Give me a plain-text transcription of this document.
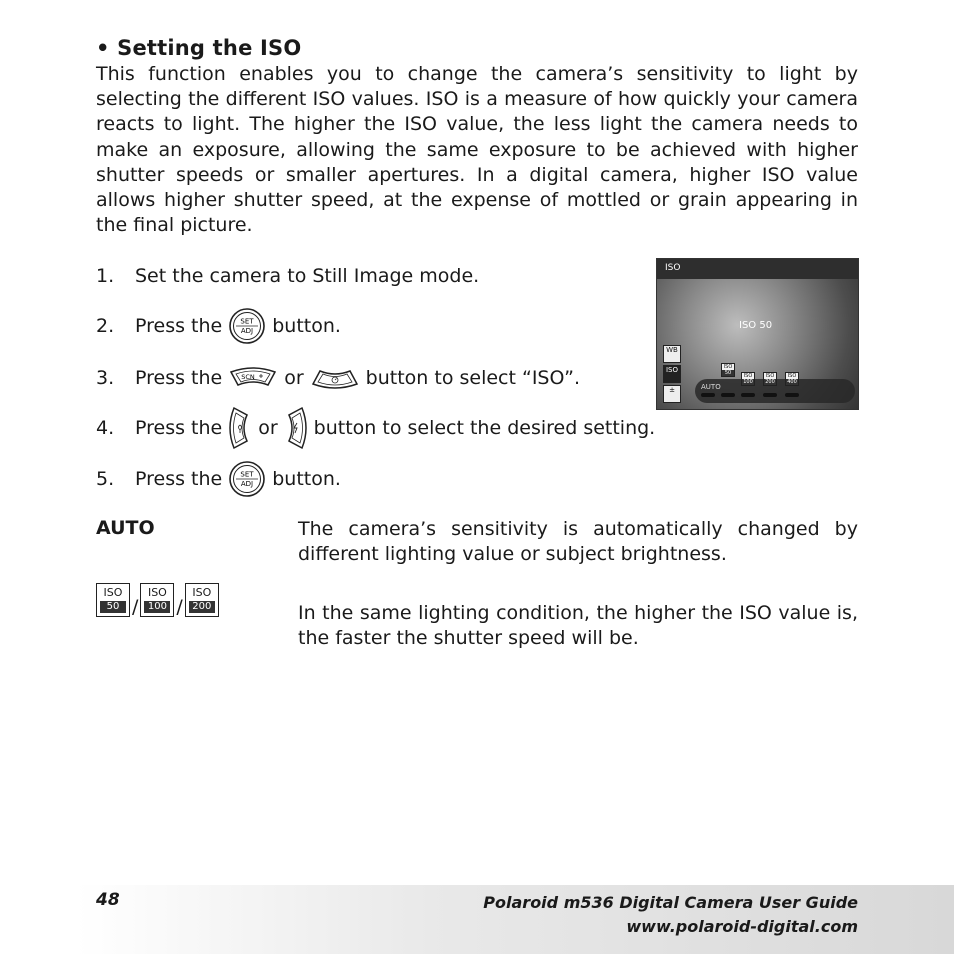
• Setting the ISO
This function enables you to change the camera’s sensitivity to light by selecting the different ISO values. ISO is a measure of how quickly your camera reacts to light. The higher the ISO value, the less light the camera needs to make an exposure, allowing the same exposure to be achieved with higher shutter speeds or smaller apertures. In a digital camera, higher ISO value allows higher shutter speed, at the expense of mottled or grain appearing in the final picture.
1.	Set the camera to Still Image mode.
2.	Press the	SET
ADJ button.
3.	Press the	SCN or	button to select “ISO”.
4.	Press the or button to select the desired setting.
5.	Press the	SET
ADJ button.
AUTO	The camera’s sensitivity is automatically changed by different lighting value or subject brightness.
ISO
50 /
ISO
100 /
ISO
200	In the same lighting condition, the higher the ISO value is, the faster the shutter speed will be.
ISO
ISO 50
WB
ISO
±
ISO
50
AUTO
ISO
100
ISO
200
ISO
400
48	Polaroid m536 Digital Camera User Guide
www.polaroid-digital.com
